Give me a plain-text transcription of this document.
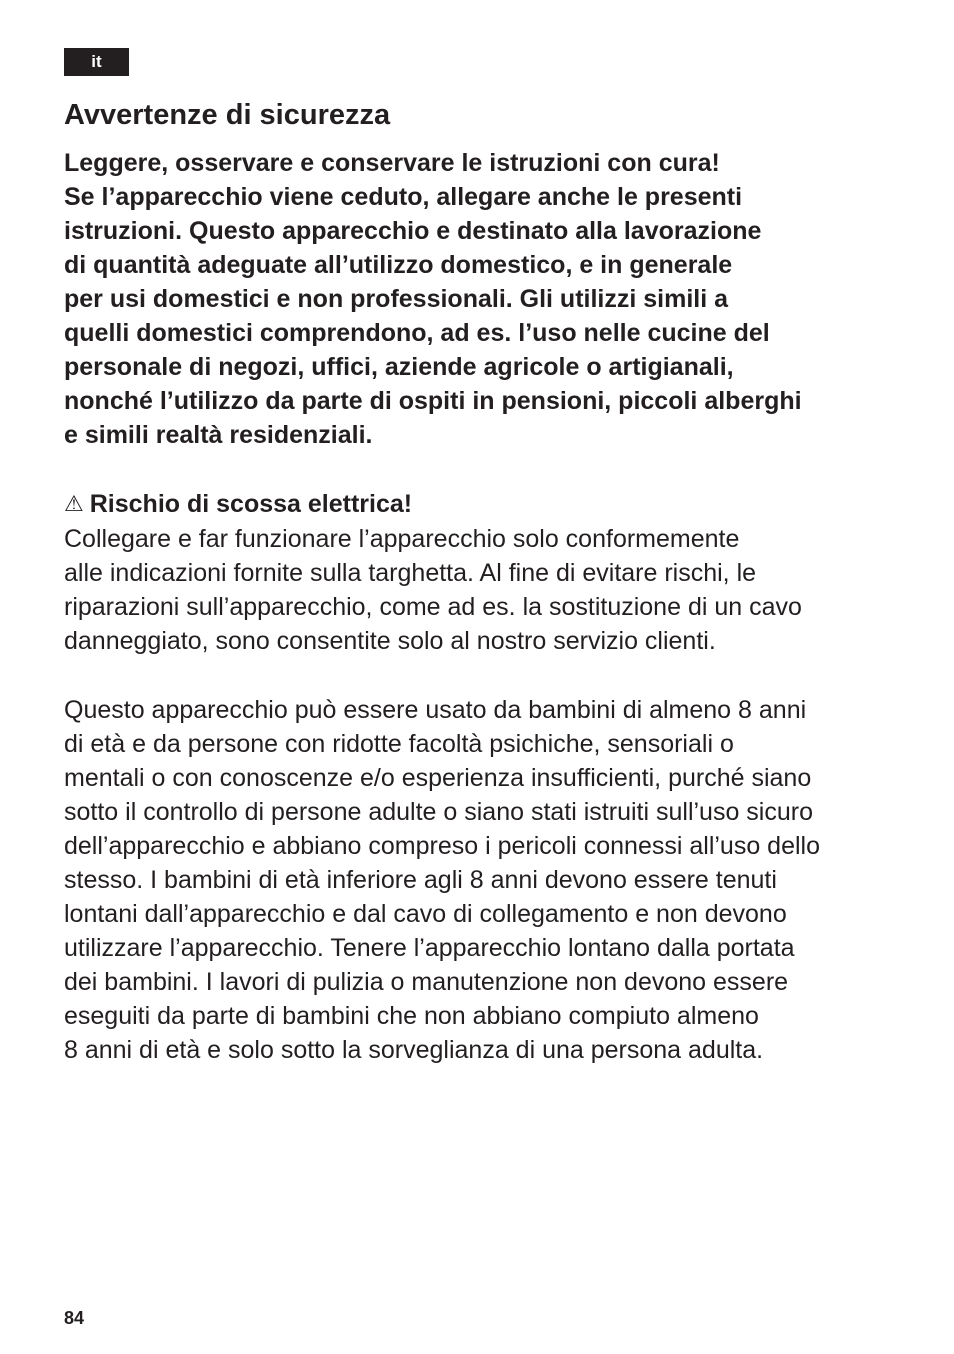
it
Avvertenze di sicurezza

Leggere, osservare e conservare le istruzioni con cura!
Se l’apparecchio viene ceduto, allegare anche le presenti
istruzioni. Questo apparecchio e destinato alla lavorazione
di quantità adeguate all’utilizzo domestico, e in generale
per usi domestici e non professionali. Gli utilizzi simili a
quelli domestici comprendono, ad es. l’uso nelle cucine del
personale di negozi, uffici, aziende agricole o artigianali,
nonché l’utilizzo da parte di ospiti in pensioni, piccoli alberghi
e simili realtà residenziali.

⚠ Rischio di scossa elettrica!
Collegare e far funzionare l’apparecchio solo conformemente
alle indicazioni fornite sulla targhetta. Al fine di evitare rischi, le
riparazioni sull’apparecchio, come ad es. la sostituzione di un cavo
danneggiato, sono consentite solo al nostro servizio clienti.

Questo apparecchio può essere usato da bambini di almeno 8 anni
di età e da persone con ridotte facoltà psichiche, sensoriali o
mentali o con conoscenze e/o esperienza insufficienti, purché siano
sotto il controllo di persone adulte o siano stati istruiti sull’uso sicuro
dell’apparecchio e abbiano compreso i pericoli connessi all’uso dello
stesso. I bambini di età inferiore agli 8 anni devono essere tenuti
lontani dall’apparecchio e dal cavo di collegamento e non devono
utilizzare l’apparecchio. Tenere l’apparecchio lontano dalla portata
dei bambini. I lavori di pulizia o manutenzione non devono essere
eseguiti da parte di bambini che non abbiano compiuto almeno
8 anni di età e solo sotto la sorveglianza di una persona adulta.

84
